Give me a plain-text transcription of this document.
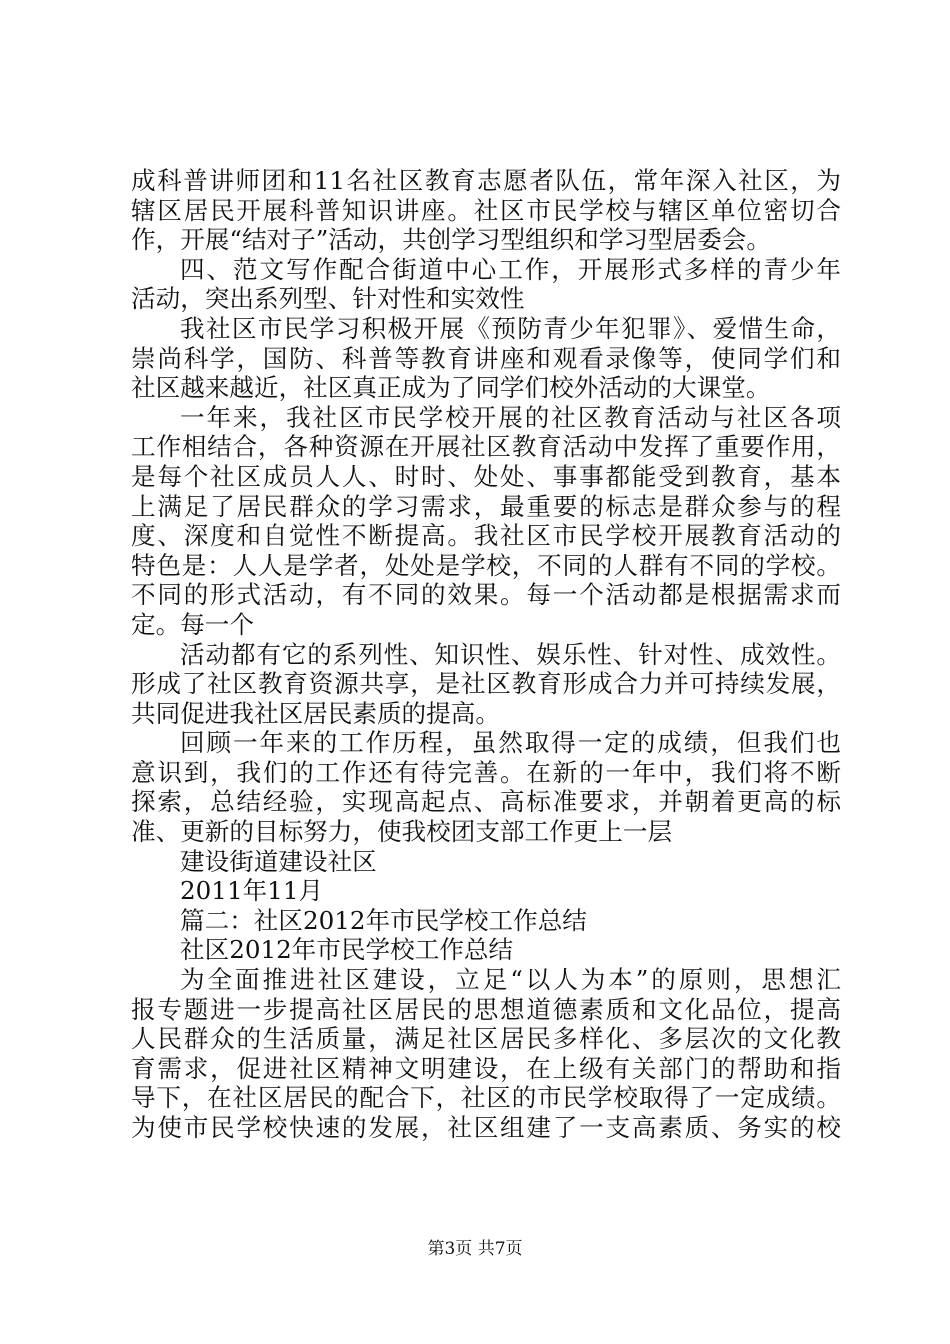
成科普讲师团和11名社区教育志愿者队伍，常年深入社区，为
辖区居民开展科普知识讲座。社区市民学校与辖区单位密切合
作，开展“结对子”活动，共创学习型组织和学习型居委会。
四、范文写作配合街道中心工作，开展形式多样的青少年
活动，突出系列型、针对性和实效性
我社区市民学习积极开展《预防青少年犯罪》、爱惜生命，
崇尚科学，国防、科普等教育讲座和观看录像等，使同学们和
社区越来越近，社区真正成为了同学们校外活动的大课堂。
一年来，我社区市民学校开展的社区教育活动与社区各项
工作相结合，各种资源在开展社区教育活动中发挥了重要作用，
是每个社区成员人人、时时、处处、事事都能受到教育，基本
上满足了居民群众的学习需求，最重要的标志是群众参与的程
度、深度和自觉性不断提高。我社区市民学校开展教育活动的
特色是：人人是学者，处处是学校，不同的人群有不同的学校。
不同的形式活动，有不同的效果。每一个活动都是根据需求而
定。每一个
活动都有它的系列性、知识性、娱乐性、针对性、成效性。
形成了社区教育资源共享，是社区教育形成合力并可持续发展，
共同促进我社区居民素质的提高。
回顾一年来的工作历程，虽然取得一定的成绩，但我们也
意识到，我们的工作还有待完善。在新的一年中，我们将不断
探索，总结经验，实现高起点、高标准要求，并朝着更高的标
准、更新的目标努力，使我校团支部工作更上一层
建设街道建设社区
2011年11月
篇二：社区2012年市民学校工作总结
社区2012年市民学校工作总结
为全面推进社区建设，立足“以人为本”的原则，思想汇
报专题进一步提高社区居民的思想道德素质和文化品位，提高
人民群众的生活质量，满足社区居民多样化、多层次的文化教
育需求，促进社区精神文明建设，在上级有关部门的帮助和指
导下，在社区居民的配合下，社区的市民学校取得了一定成绩。
为使市民学校快速的发展，社区组建了一支高素质、务实的校
第3页 共7页
